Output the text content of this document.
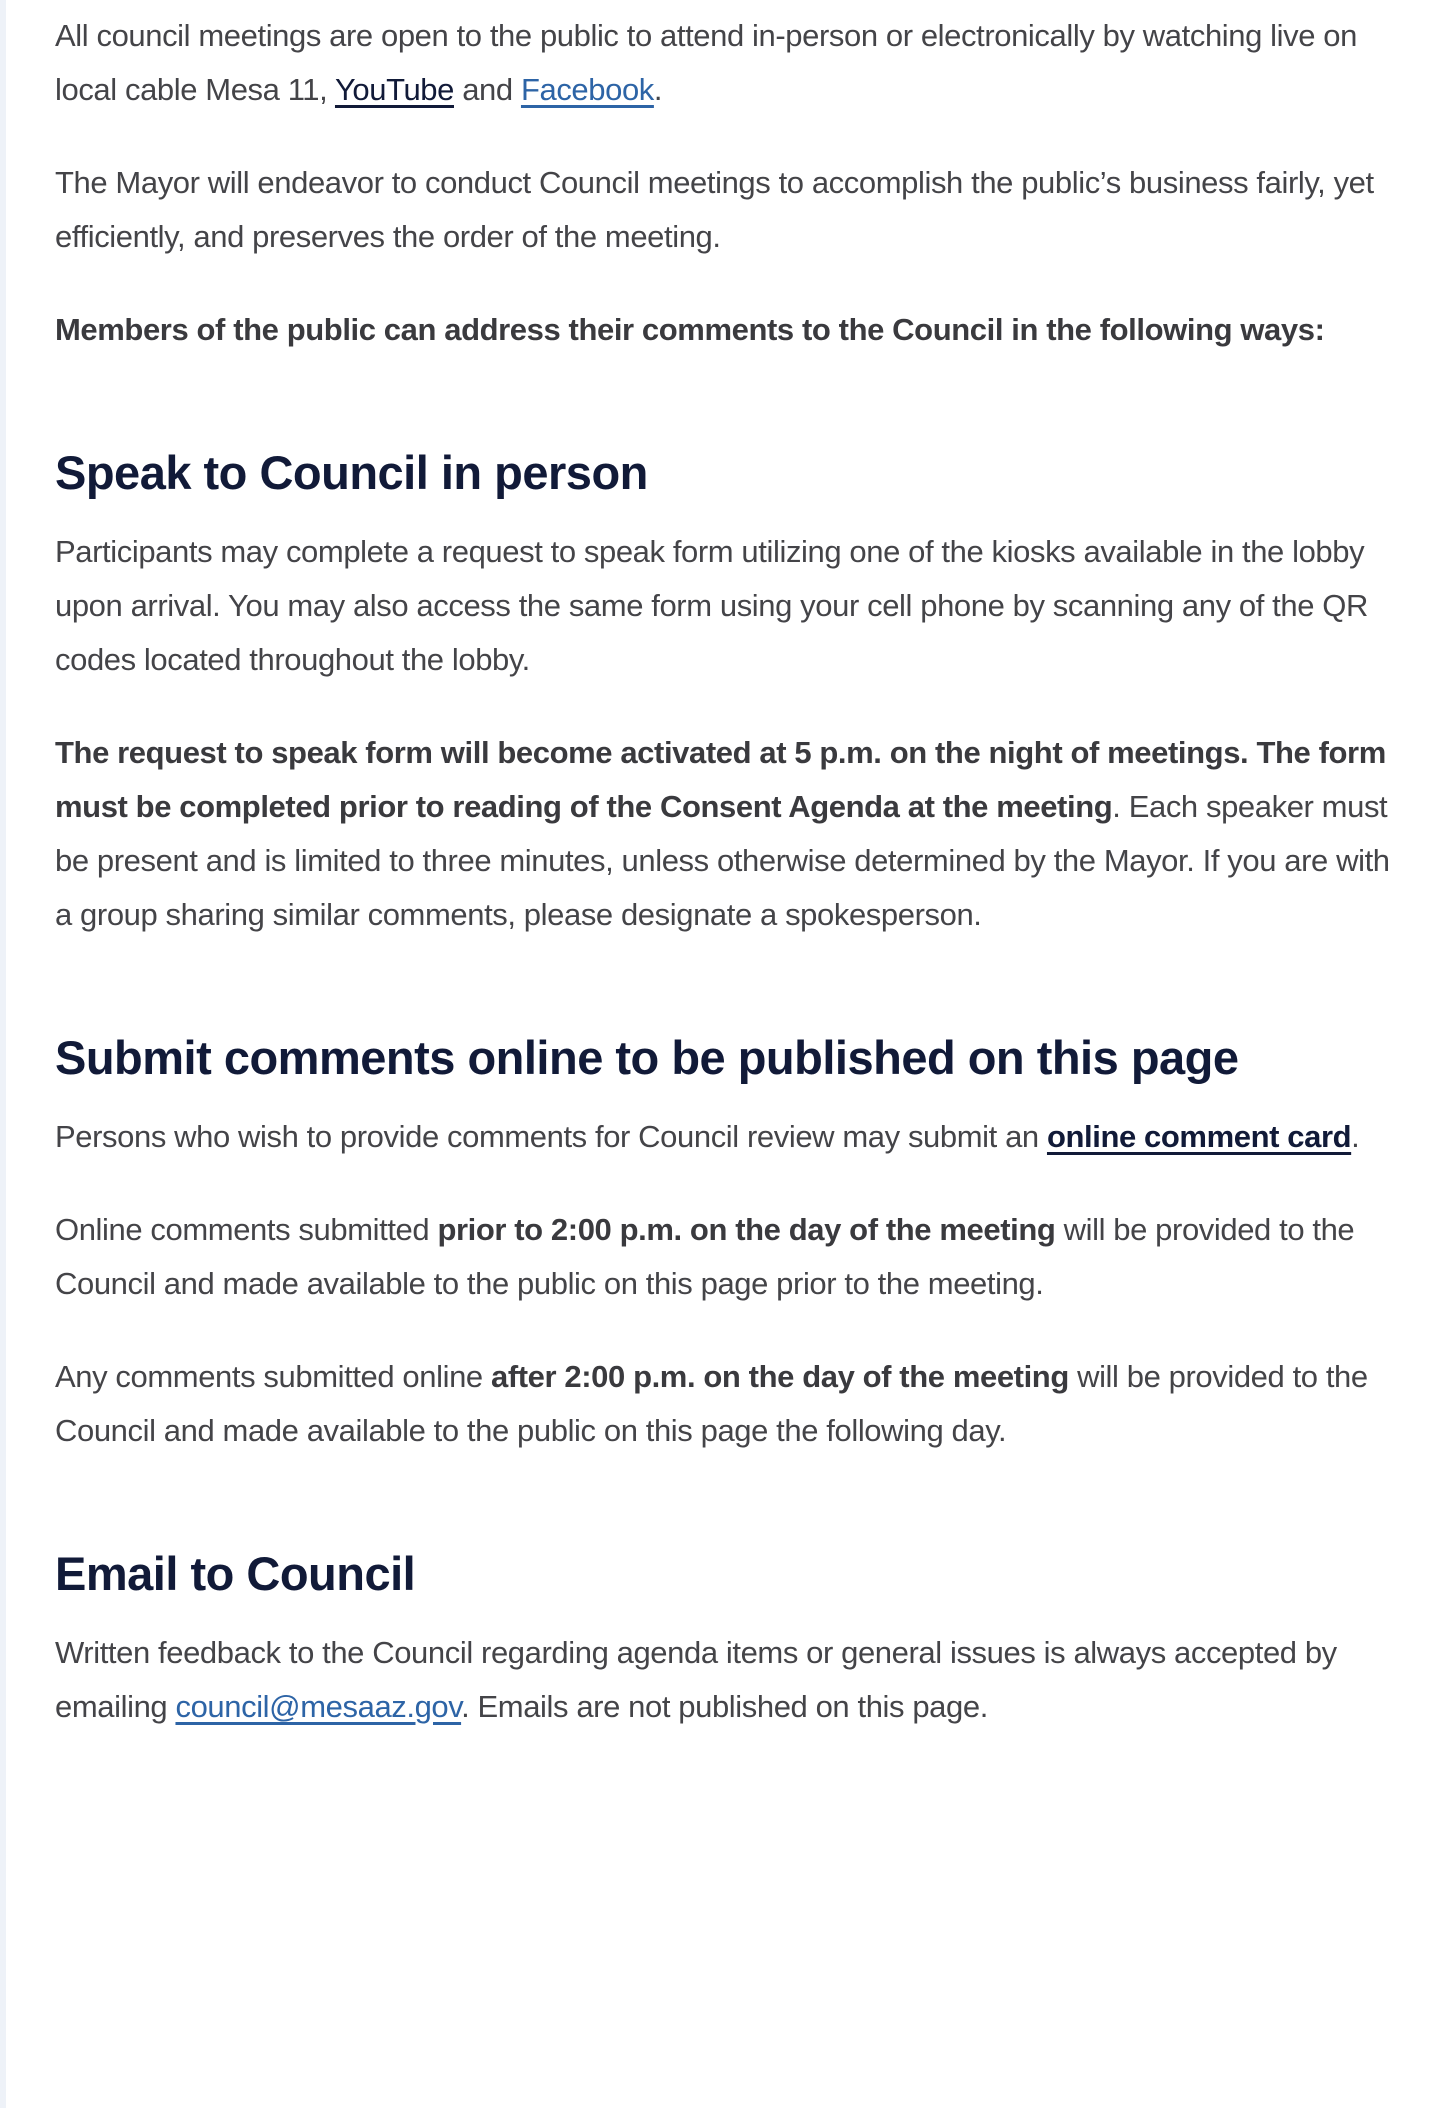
All council meetings are open to the public to attend in-person or electronically by watching live on local cable Mesa 11, YouTube and Facebook.

The Mayor will endeavor to conduct Council meetings to accomplish the public’s business fairly, yet efficiently, and preserves the order of the meeting.

Members of the public can address their comments to the Council in the following ways:

Speak to Council in person

Participants may complete a request to speak form utilizing one of the kiosks available in the lobby upon arrival. You may also access the same form using your cell phone by scanning any of the QR codes located throughout the lobby.

The request to speak form will become activated at 5 p.m. on the night of meetings. The form must be completed prior to reading of the Consent Agenda at the meeting. Each speaker must be present and is limited to three minutes, unless otherwise determined by the Mayor. If you are with a group sharing similar comments, please designate a spokesperson.

Submit comments online to be published on this page

Persons who wish to provide comments for Council review may submit an online comment card.

Online comments submitted prior to 2:00 p.m. on the day of the meeting will be provided to the Council and made available to the public on this page prior to the meeting.

Any comments submitted online after 2:00 p.m. on the day of the meeting will be provided to the Council and made available to the public on this page the following day.

Email to Council

Written feedback to the Council regarding agenda items or general issues is always accepted by emailing council@mesaaz.gov. Emails are not published on this page.
